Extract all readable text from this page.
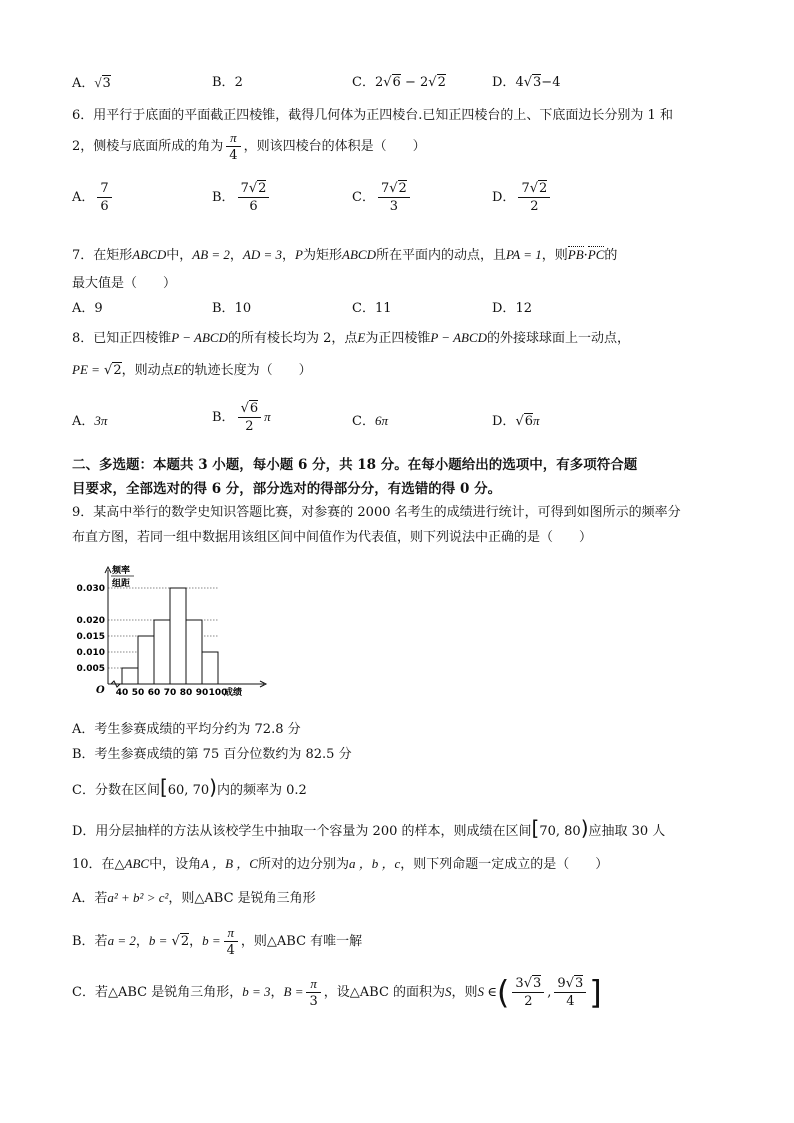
A．√3	B．2	C．2√6 − 2√2	D．4√3−4
6．用平行于底面的平面截正四棱锥，截得几何体为正四棱台.已知正四棱台的上、下底面边长分别为 1 和
2，侧棱与底面所成的角为 $\frac{\pi}{4}$ ，则该四棱台的体积是（　　）
A． $\frac{7}{6}$	B． $\frac{7√2}{6}$	C． $\frac{7√2}{3}$	D． $\frac{7√2}{2}$
7．在矩形ABCD中，AB = 2，AD = 3，P为矩形ABCD所在平面内的动点，且PA = 1，则PB·PC的
最大值是（　　）
A．9	B．10	C．11	D．12
8．已知正四棱锥P − ABCD的所有棱长均为 2，点E为正四棱锥P − ABCD的外接球球面上一动点，
PE = √2，则动点E的轨迹长度为（　　）
A．3π	B． $\frac{√6}{2}$ π	C．6π	D．√6π
二、多选题：本题共 3 小题，每小题 6 分，共 18 分。在每小题给出的选项中，有多项符合题
目要求，全部选对的得 6 分，部分选对的得部分分，有选错的得 0 分。
9．某高中举行的数学史知识答题比赛，对参赛的 2000 名考生的成绩进行统计，可得到如图所示的频率分
布直方图，若同一组中数据用该组区间中间值作为代表值，则下列说法中正确的是（　　）
频率
组距
0.005
0.010
0.015
0.020
0.030
40 50 60 70 80 90 100
成绩
O
A．考生参赛成绩的平均分约为 72.8 分
B．考生参赛成绩的第 75 百分位数约为 82.5 分
C．分数在区间[60, 70)内的频率为 0.2
D．用分层抽样的方法从该校学生中抽取一个容量为 200 的样本，则成绩在区间[70, 80)应抽取 30 人
10．在△ABC中，设角A ，B ，C所对的边分别为a ，b ，c，则下列命题一定成立的是（　　）
A．若a² + b² > c²，则△ABC 是锐角三角形
B．若a = 2，b = √2，$b = \frac{\pi}{4}$ ，则△ABC 有唯一解
C．若△ABC 是锐角三角形，b = 3，$B = \frac{\pi}{3}$ ，设△ABC 的面积为S，则S ∈( $\frac{3√3}{2}$ , $\frac{9√3}{4}$ ]
